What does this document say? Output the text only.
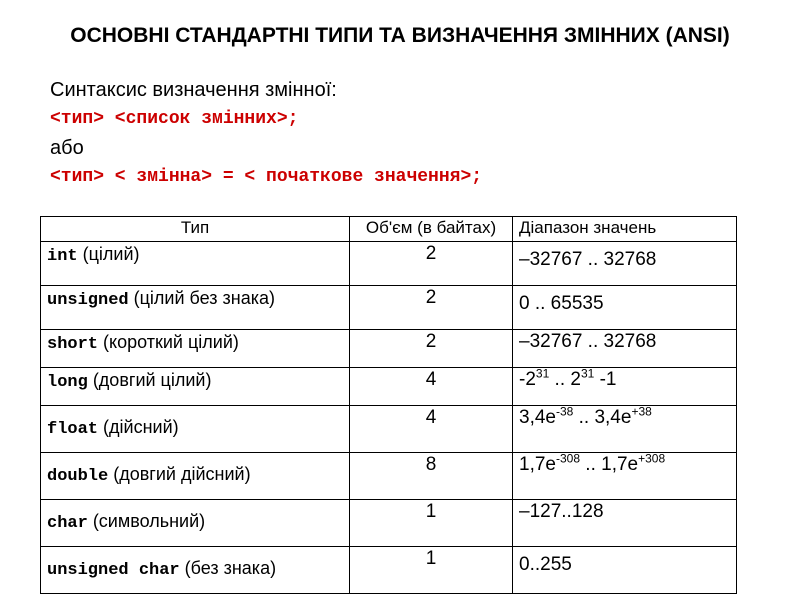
ОСНОВНІ СТАНДАРТНІ ТИПИ ТА ВИЗНАЧЕННЯ ЗМІННИХ (ANSI)
Синтаксис визначення змінної:
<тип> <список змінних>;
або
<тип> < змінна> = < початкове значення>;
Тип	Об'єм (в байтах)	Діапазон значень
int (цілий)	2	–32767 .. 32768
unsigned (цілий без знака)	2	0 .. 65535
short (короткий цілий)	2	–32767 .. 32768
long (довгий цілий)	4	$-2^{31}$ .. $2^{31}$ -1
float (дійсний)	4	$3,4e^{-38}$ .. $3,4e^{+38}$
double (довгий дійсний)	8	$1,7e^{-308}$ .. $1,7e^{+308}$
char (символьний)	1	–127..128
unsigned char (без знака)	1	0..255
